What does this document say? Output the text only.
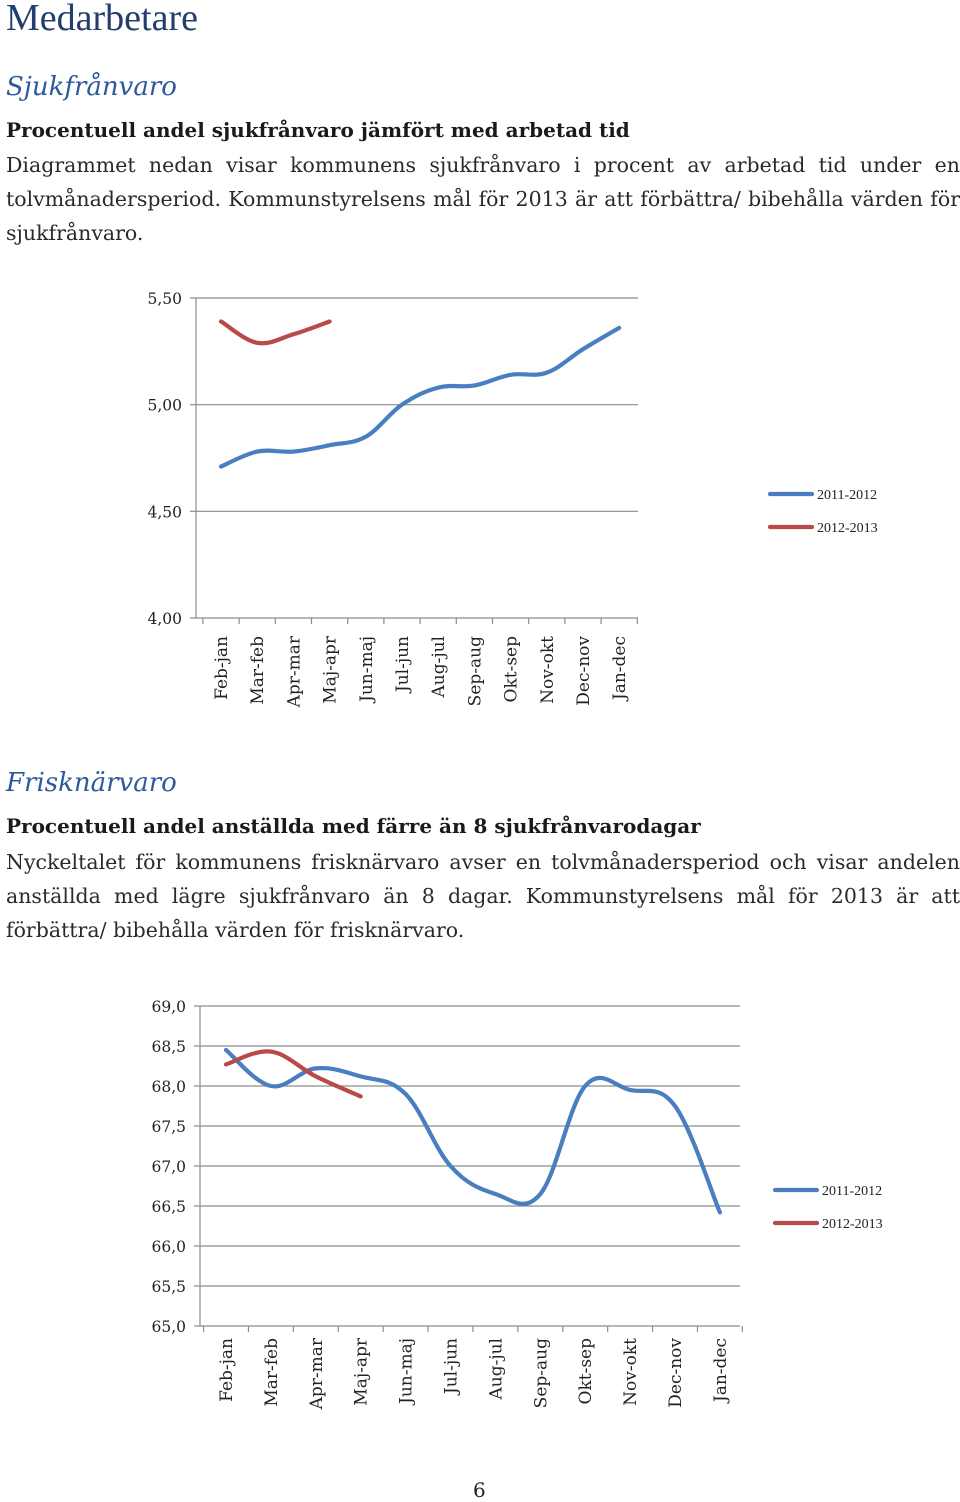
Medarbetare
Sjukfrånvaro
Procentuell andel sjukfrånvaro jämfört med arbetad tid

Diagrammet nedan visar kommunens sjukfrånvaro i procent av arbetad tid under en tolvmånadersperiod. Kommunstyrelsens mål för 2013 är att förbättra/ bibehålla värden för sjukfrånvaro.

4,00
4,50
5,00
5,50
Feb-jan Mar-feb Apr-mar Maj-apr Jun-maj Jul-jun Aug-jul Sep-aug Okt-sep Nov-okt Dec-nov Jan-dec
2011-2012
2012-2013
Frisknärvaro
Procentuell andel anställda med färre än 8 sjukfrånvarodagar

Nyckeltalet för kommunens frisknärvaro avser en tolvmånadersperiod och visar andelen anställda med lägre sjukfrånvaro än 8 dagar. Kommunstyrelsens mål för 2013 är att förbättra/ bibehålla värden för frisknärvaro.

65,0
65,5
66,0
66,5
67,0
67,5
68,0
68,5
69,0
Feb-jan Mar-feb Apr-mar Maj-apr Jun-maj Jul-jun Aug-jul Sep-aug Okt-sep Nov-okt Dec-nov Jan-dec
2011-2012
2012-2013
6
